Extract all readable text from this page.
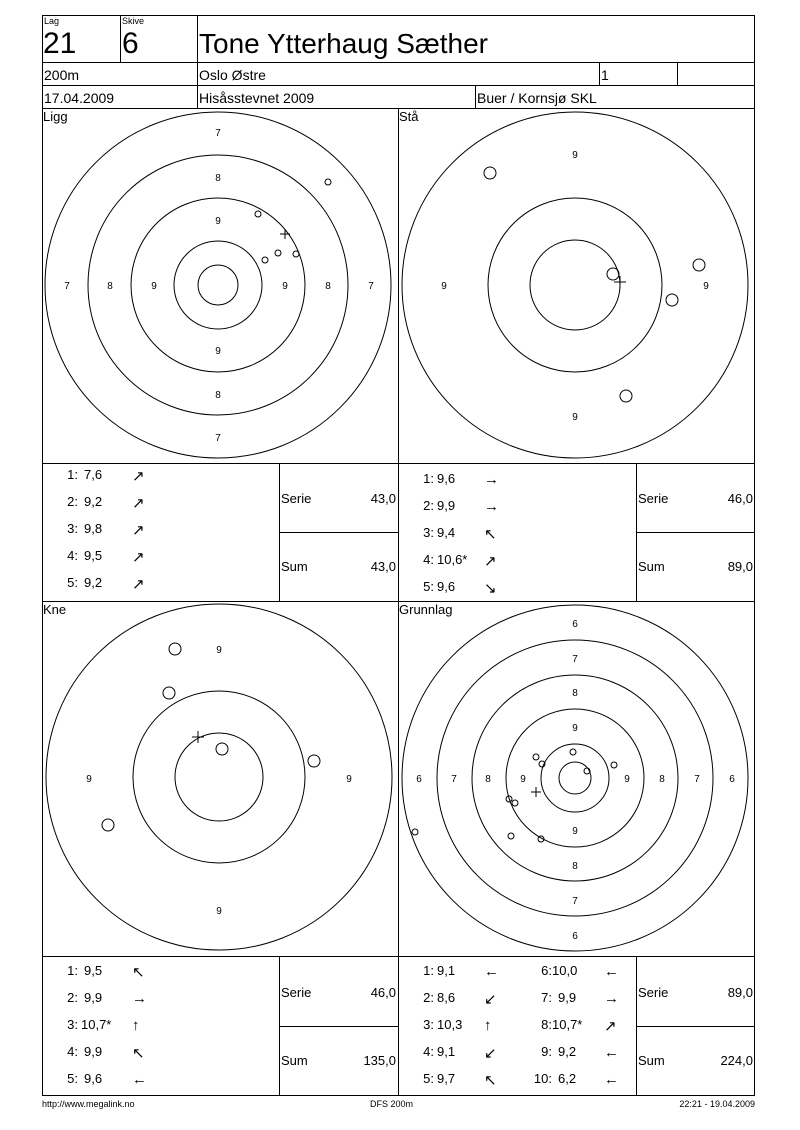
Lag
21
Skive
6 Tone Ytterhaug Sæther
200m	Oslo Østre	1
17.04.2009	Hisåsstevnet 2009	Buer / Kornsjø SKL
Ligg	Stå
Kne	Grunnlag
7
8
9
9
8
7
7	8	9	9	8	7
9
9
9	9
9
9
9	9
6
7
8
9
9
8
7
6
6	7	8	9	9	8	7	6
1: 7,6 ↗
2: 9,2 ↗
3: 9,8 ↗
4: 9,5 ↗
5: 9,2 ↗
Serie	43,0
Sum	43,0
1: 9,6 →
2: 9,9 →
3: 9,4 ↖
4: 10,6* ↗
5: 9,6 ↘
Serie	46,0
Sum	89,0
1: 9,5 ↖
2: 9,9 →
3: 10,7* ↑
4: 9,9 ↖
5: 9,6 ←
Serie	46,0
Sum	135,0
1: 9,1 ←
2: 8,6 ↙
3: 10,3 ↑
4: 9,1 ↙
5: 9,7 ↖
6: 10,0 ←
7: 9,9 →
8: 10,7* ↗
9: 9,2 ←
10: 6,2 ←
Serie	89,0
Sum	224,0
http://www.megalink.no	DFS 200m	22:21 - 19.04.2009
